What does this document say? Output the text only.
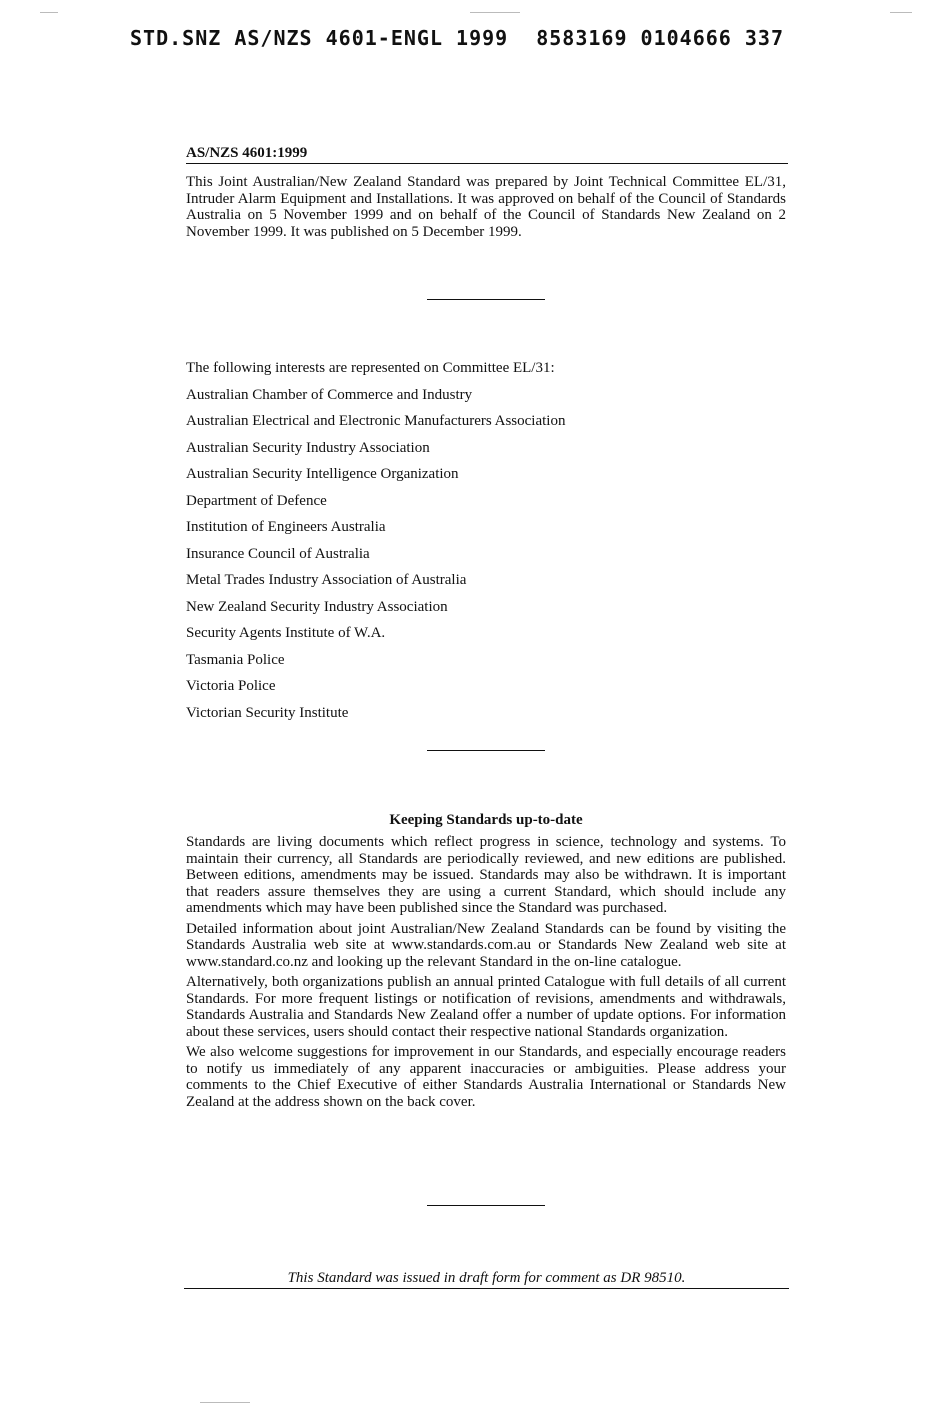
STD.SNZ AS/NZS 4601-ENGL 1999 8583169 0104666 337
AS/NZS 4601:1999

This Joint Australian/New Zealand Standard was prepared by Joint Technical Committee EL/31, Intruder Alarm Equipment and Installations. It was approved on behalf of the Council of Standards Australia on 5 November 1999 and on behalf of the Council of Standards New Zealand on 2 November 1999. It was published on 5 December 1999.

The following interests are represented on Committee EL/31:

Australian Chamber of Commerce and Industry
Australian Electrical and Electronic Manufacturers Association
Australian Security Industry Association
Australian Security Intelligence Organization
Department of Defence
Institution of Engineers Australia
Insurance Council of Australia
Metal Trades Industry Association of Australia
New Zealand Security Industry Association
Security Agents Institute of W.A.
Tasmania Police
Victoria Police
Victorian Security Institute
Keeping Standards up-to-date

Standards are living documents which reflect progress in science, technology and systems. To maintain their currency, all Standards are periodically reviewed, and new editions are published. Between editions, amendments may be issued. Standards may also be withdrawn. It is important that readers assure themselves they are using a current Standard, which should include any amendments which may have been published since the Standard was purchased.

Detailed information about joint Australian/New Zealand Standards can be found by visiting the Standards Australia web site at www.standards.com.au or Standards New Zealand web site at www.standard.co.nz and looking up the relevant Standard in the on-line catalogue.

Alternatively, both organizations publish an annual printed Catalogue with full details of all current Standards. For more frequent listings or notification of revisions, amendments and withdrawals, Standards Australia and Standards New Zealand offer a number of update options. For information about these services, users should contact their respective national Standards organization.

We also welcome suggestions for improvement in our Standards, and especially encourage readers to notify us immediately of any apparent inaccuracies or ambiguities. Please address your comments to the Chief Executive of either Standards Australia International or Standards New Zealand at the address shown on the back cover.

This Standard was issued in draft form for comment as DR 98510.
